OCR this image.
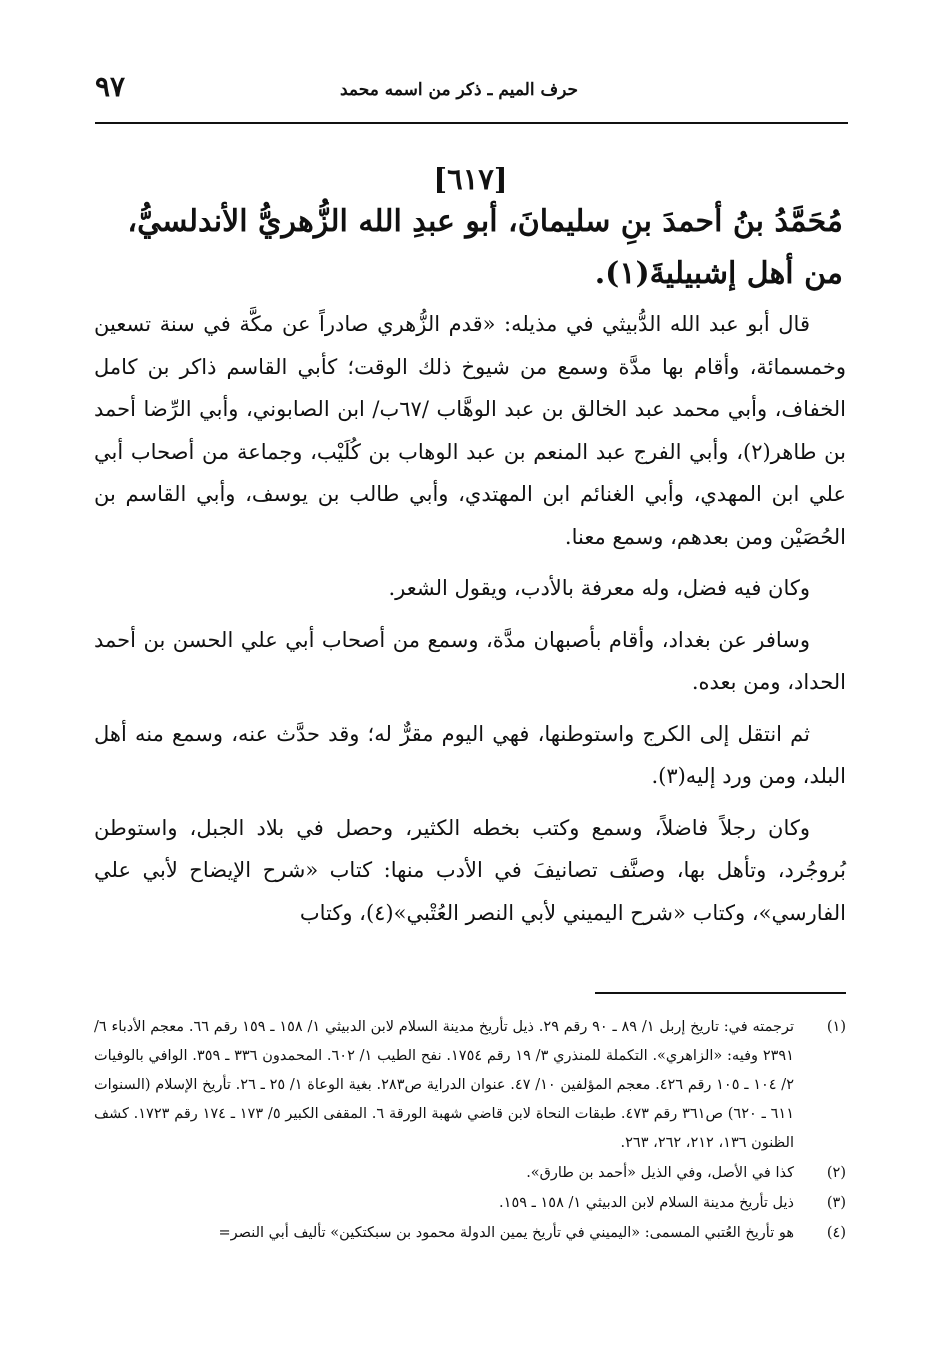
٩٧	حرف الميم ـ ذكر من اسمه محمد
[٦١٧]
مُحَمَّدُ بنُ أحمدَ بنِ سليمانَ، أبو عبدِ الله الزُّهريُّ الأندلسيُّ، من أهل إشبيليةَ(١).

قال أبو عبد الله الدُّبيثي في مذيله: «قدم الزُّهري صادراً عن مكَّة في سنة تسعين وخمسمائة، وأقام بها مدَّة وسمع من شيوخ ذلك الوقت؛ كأبي القاسم ذاكر بن كامل الخفاف، وأبي محمد عبد الخالق بن عبد الوهَّاب /٦٧ب/ ابن الصابوني، وأبي الرِّضا أحمد بن طاهر(٢)، وأبي الفرج عبد المنعم بن عبد الوهاب بن كُلَيْب، وجماعة من أصحاب أبي علي ابن المهدي، وأبي الغنائم ابن المهتدي، وأبي طالب بن يوسف، وأبي القاسم بن الحُصَيْن ومن بعدهم، وسمع معنا.

وكان فيه فضل، وله معرفة بالأدب، ويقول الشعر.

وسافر عن بغداد، وأقام بأصبهان مدَّة، وسمع من أصحاب أبي علي الحسن بن أحمد الحداد، ومن بعده.

ثم انتقل إلى الكرج واستوطنها، فهي اليوم مقرٌّ له؛ وقد حدَّث عنه، وسمع منه أهل البلد، ومن ورد إليه(٣).

وكان رجلاً فاضلاً، وسمع وكتب بخطه الكثير، وحصل في بلاد الجبل، واستوطن بُروجُرد، وتأهل بها، وصنَّف تصانيفَ في الأدب منها: كتاب «شرح الإيضاح لأبي علي الفارسي»، وكتاب «شرح اليميني لأبي النصر العُتْبي»(٤)، وكتاب

(١)
ترجمته في: تاريخ إربل ١/ ٨٩ ـ ٩٠ رقم ٢٩. ذيل تأريخ مدينة السلام لابن الدبيثي ١/ ١٥٨ ـ ١٥٩ رقم ٦٦. معجم الأدباء ٦/ ٢٣٩١ وفيه: «الزاهري». التكملة للمنذري ٣/ ١٩ رقم ١٧٥٤. نفح الطيب ١/ ٦٠٢. المحمدون ٣٣٦ ـ ٣٥٩. الوافي بالوفيات ٢/ ١٠٤ ـ ١٠٥ رقم ٤٢٦. معجم المؤلفين ١٠/ ٤٧. عنوان الدراية ص٢٨٣. بغية الوعاة ١/ ٢٥ ـ ٢٦. تأريخ الإسلام (السنوات ٦١١ ـ ٦٢٠) ص٣٦١ رقم ٤٧٣. طبقات النحاة لابن قاضي شهبة الورقة ٦. المقفى الكبير ٥/ ١٧٣ ـ ١٧٤ رقم ١٧٢٣. كشف الظنون ١٣٦، ٢١٢، ٢٦٢، ٢٦٣.
(٢)
كذا في الأصل، وفي الذيل «أحمد بن طارق».
(٣)
ذيل تأريخ مدينة السلام لابن الدبيثي ١/ ١٥٨ ـ ١٥٩.
(٤)
هو تأريخ العُتبي المسمى: «اليميني في تأريخ يمين الدولة محمود بن سبكتكين» تأليف أبي النصر=
